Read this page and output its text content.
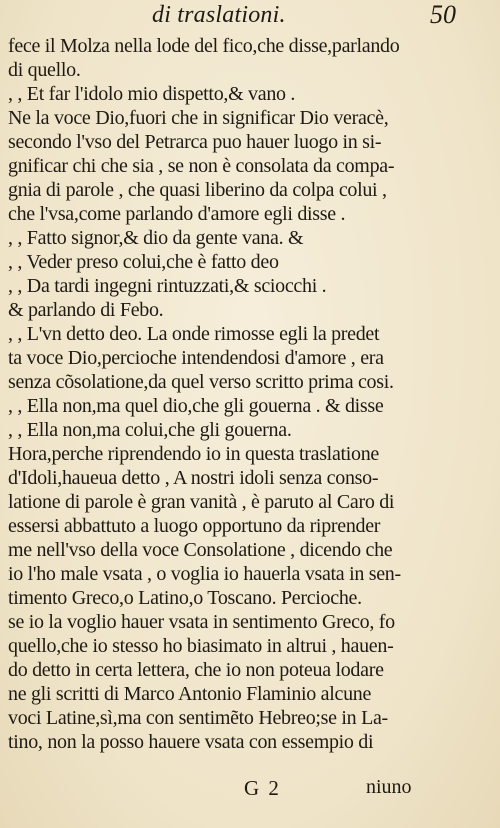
di traslationi.	50
fece il Molza nella lode del fico,che disse,parlando
di quello.
, , Et far l'idolo mio dispetto,& vano .
Ne la voce Dio,fuori che in significar Dio veracè,
secondo l'vso del Petrarca puo hauer luogo in si-
gnificar chi che sia , se non è consolata da compa-
gnia di parole , che quasi liberino da colpa colui ,
che l'vsa,come parlando d'amore egli disse .
, , Fatto signor,& dio da gente vana. &
, , Veder preso colui,che è fatto deo
, , Da tardi ingegni rintuzzati,& sciocchi .
& parlando di Febo.
, , L'vn detto deo. La onde rimosse egli la predet
ta voce Dio,percioche intendendosi d'amore , era
senza cõsolatione,da quel verso scritto prima cosi.
, , Ella non,ma quel dio,che gli gouerna . & disse
, , Ella non,ma colui,che gli gouerna.
Hora,perche riprendendo io in questa traslatione
d'Idoli,haueua detto , A nostri idoli senza conso-
latione di parole è gran vanità , è paruto al Caro di
essersi abbattuto a luogo opportuno da riprender
me nell'vso della voce Consolatione , dicendo che
io l'ho male vsata , o voglia io hauerla vsata in sen-
timento Greco,o Latino,o Toscano. Percioche.
se io la voglio hauer vsata in sentimento Greco, fo
quello,che io stesso ho biasimato in altrui , hauen-
do detto in certa lettera, che io non poteua lodare
ne gli scritti di Marco Antonio Flaminio alcune
voci Latine,sì,ma con sentimẽto Hebreo;se in La-
tino, non la posso hauere vsata con essempio di
G 2	niuno
